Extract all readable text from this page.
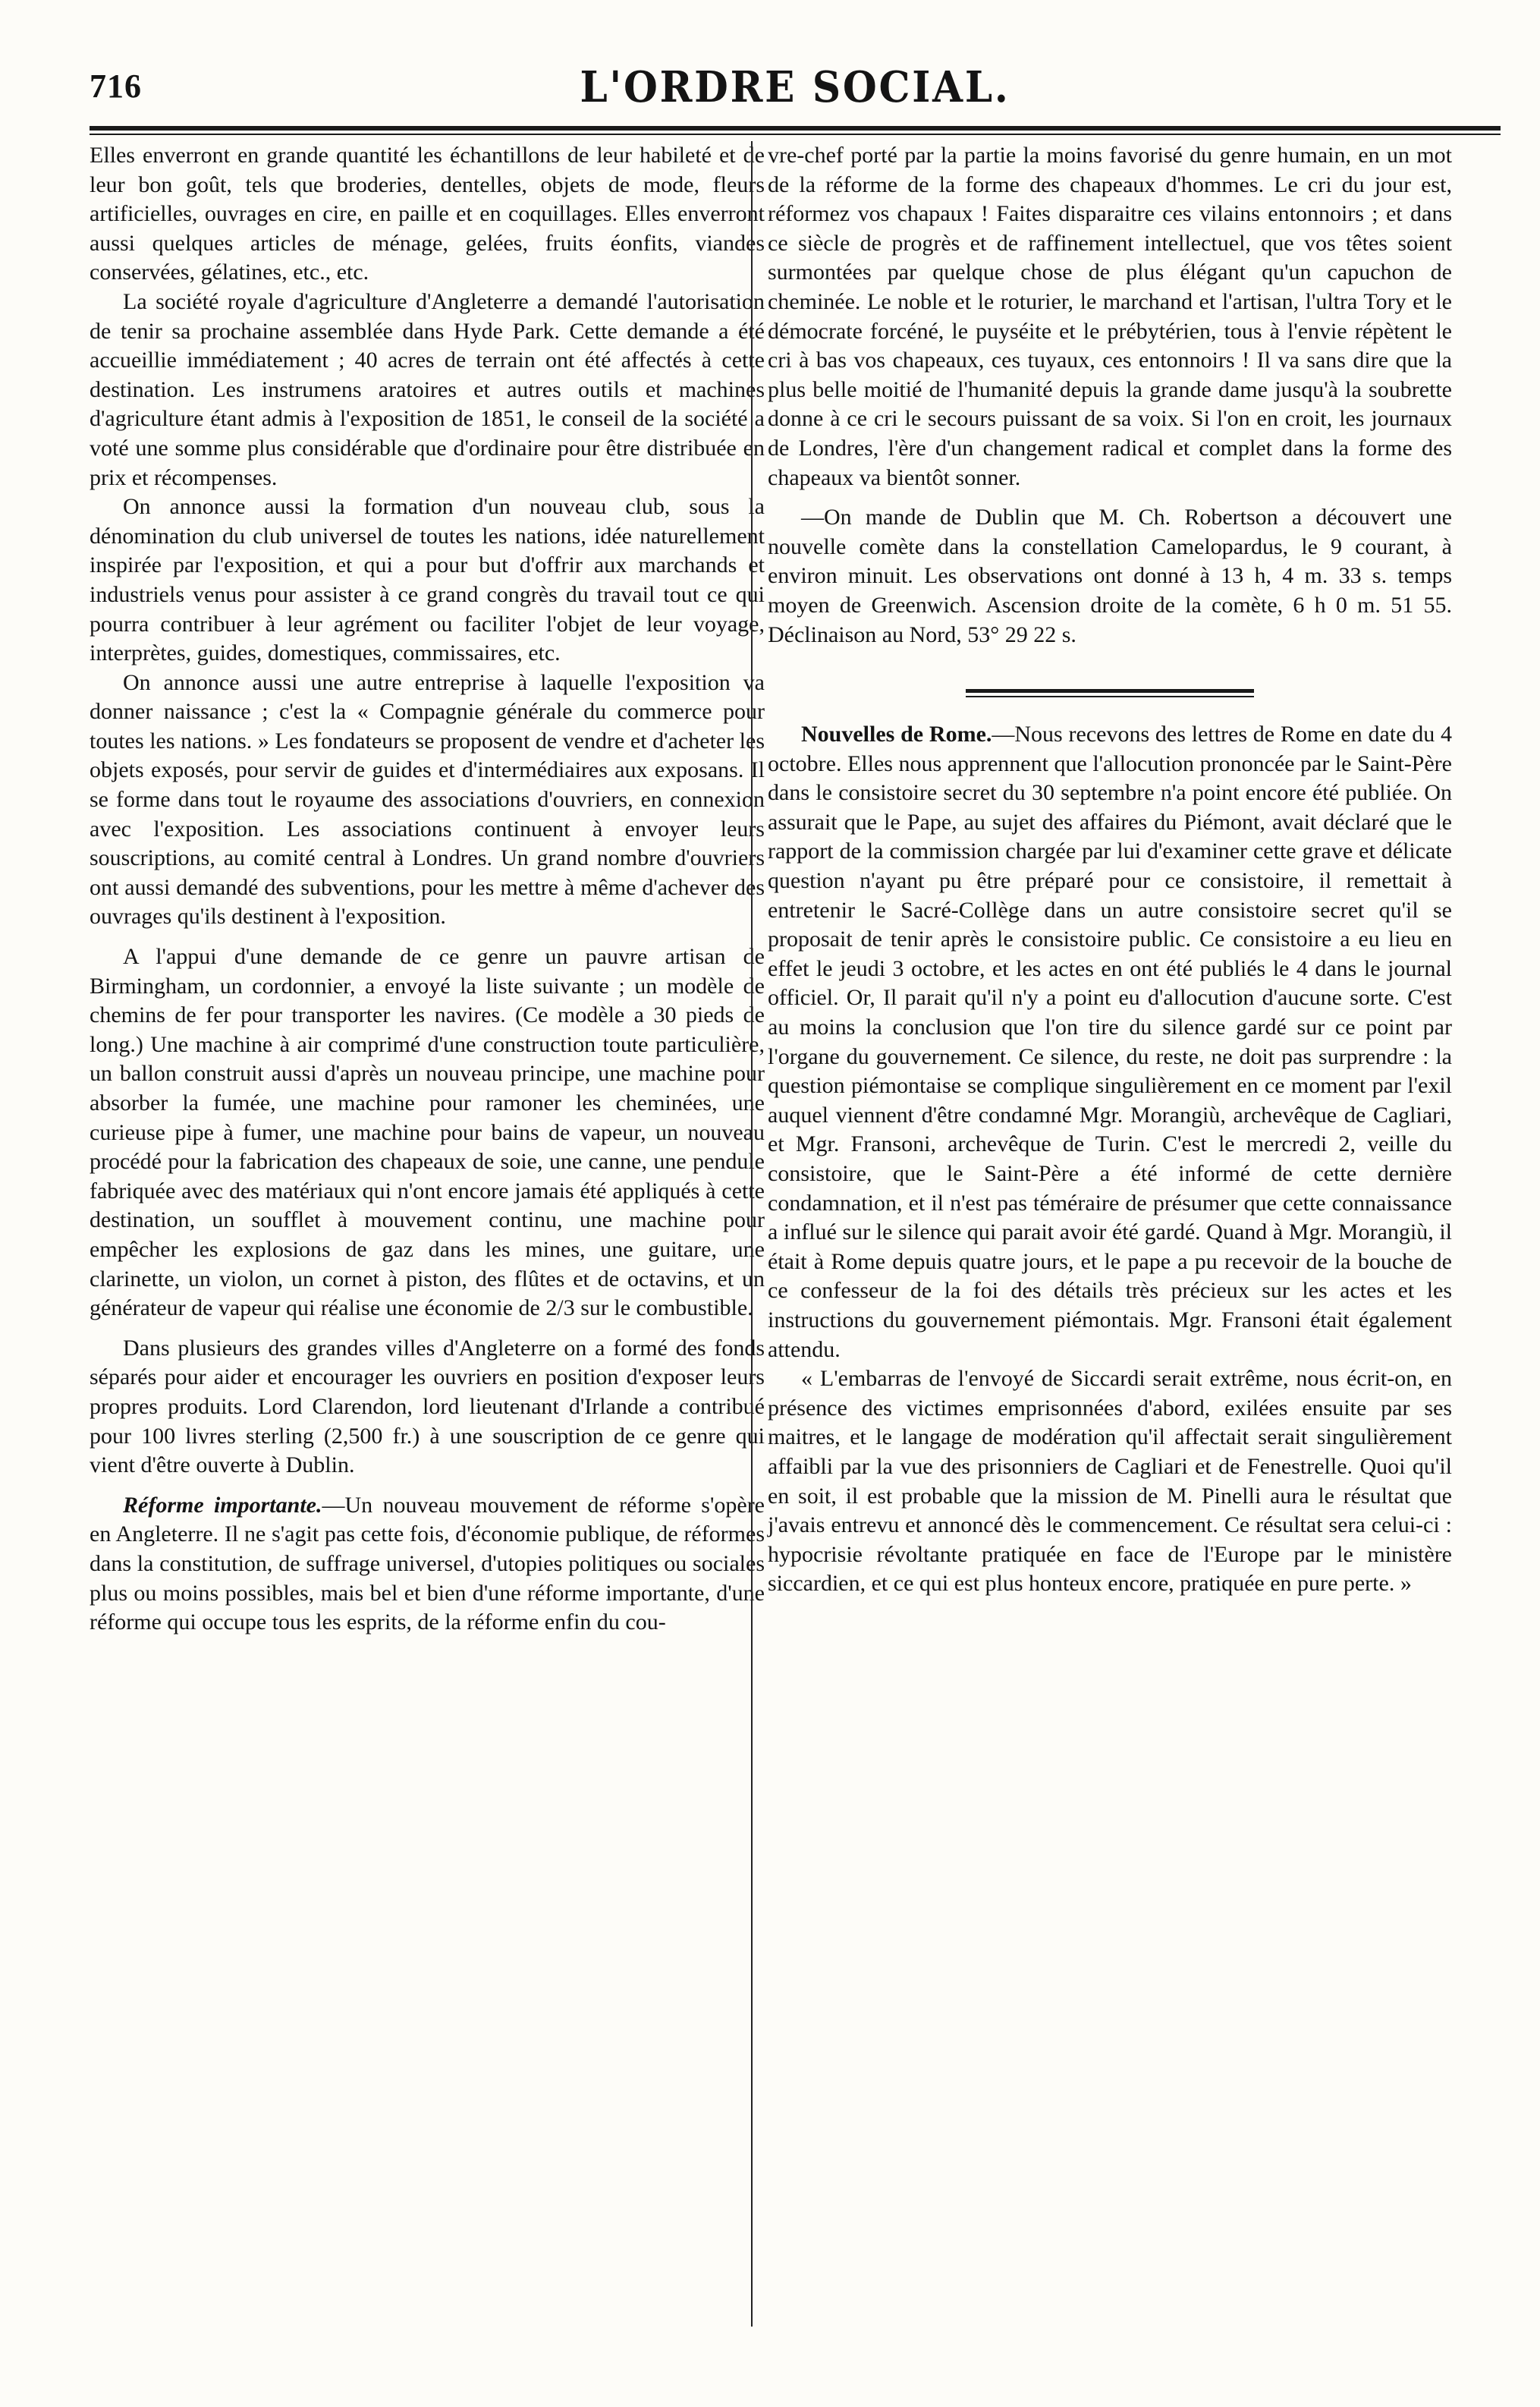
716	L'ORDRE SOCIAL.

Elles enverront en grande quantité les échantillons de leur habileté et de leur bon goût, tels que broderies, dentelles, objets de mode, fleurs artificielles, ouvrages en cire, en paille et en coquillages. Elles enverront aussi quelques articles de ménage, gelées, fruits éonfits, viandes conservées, gélatines, etc., etc.

La société royale d'agriculture d'Angleterre a demandé l'autorisation de tenir sa prochaine assemblée dans Hyde Park. Cette demande a été accueillie immédiatement ; 40 acres de terrain ont été affectés à cette destination. Les instrumens aratoires et autres outils et machines d'agriculture étant admis à l'exposition de 1851, le conseil de la société a voté une somme plus considérable que d'ordinaire pour être distribuée en prix et récompenses.

On annonce aussi la formation d'un nouveau club, sous la dénomination du club universel de toutes les nations, idée naturellement inspirée par l'exposition, et qui a pour but d'offrir aux marchands et industriels venus pour assister à ce grand congrès du travail tout ce qui pourra contribuer à leur agrément ou faciliter l'objet de leur voyage, interprètes, guides, domestiques, commissaires, etc.

On annonce aussi une autre entreprise à laquelle l'exposition va donner naissance ; c'est la « Compagnie générale du commerce pour toutes les nations. » Les fondateurs se proposent de vendre et d'acheter les objets exposés, pour servir de guides et d'intermédiaires aux exposans. Il se forme dans tout le royaume des associations d'ouvriers, en connexion avec l'exposition. Les associations continuent à envoyer leurs souscriptions, au comité central à Londres. Un grand nombre d'ouvriers ont aussi demandé des subventions, pour les mettre à même d'achever des ouvrages qu'ils destinent à l'exposition.

A l'appui d'une demande de ce genre un pauvre artisan de Birmingham, un cordonnier, a envoyé la liste suivante ; un modèle de chemins de fer pour transporter les navires. (Ce modèle a 30 pieds de long.) Une machine à air comprimé d'une construction toute particulière, un ballon construit aussi d'après un nouveau principe, une machine pour absorber la fumée, une machine pour ramoner les cheminées, une curieuse pipe à fumer, une machine pour bains de vapeur, un nouveau procédé pour la fabrication des chapeaux de soie, une canne, une pendule fabriquée avec des matériaux qui n'ont encore jamais été appliqués à cette destination, un soufflet à mouvement continu, une machine pour empêcher les explosions de gaz dans les mines, une guitare, une clarinette, un violon, un cornet à piston, des flûtes et de octavins, et un générateur de vapeur qui réalise une économie de 2/3 sur le combustible.

Dans plusieurs des grandes villes d'Angleterre on a formé des fonds séparés pour aider et encourager les ouvriers en position d'exposer leurs propres produits. Lord Clarendon, lord lieutenant d'Irlande a contribué pour 100 livres sterling (2,500 fr.) à une souscription de ce genre qui vient d'être ouverte à Dublin.

Réforme importante.—Un nouveau mouvement de réforme s'opère en Angleterre. Il ne s'agit pas cette fois, d'économie publique, de réformes dans la constitution, de suffrage universel, d'utopies politiques ou sociales plus ou moins possibles, mais bel et bien d'une réforme importante, d'une réforme qui occupe tous les esprits, de la réforme enfin du cou-

vre-chef porté par la partie la moins favorisé du genre humain, en un mot de la réforme de la forme des chapeaux d'hommes. Le cri du jour est, réformez vos chapaux ! Faites disparaitre ces vilains entonnoirs ; et dans ce siècle de progrès et de raffinement intellectuel, que vos têtes soient surmontées par quelque chose de plus élégant qu'un capuchon de cheminée. Le noble et le roturier, le marchand et l'artisan, l'ultra Tory et le démocrate forcéné, le puyséite et le prébytérien, tous à l'envie répètent le cri à bas vos chapeaux, ces tuyaux, ces entonnoirs ! Il va sans dire que la plus belle moitié de l'humanité depuis la grande dame jusqu'à la soubrette donne à ce cri le secours puissant de sa voix. Si l'on en croit, les journaux de Londres, l'ère d'un changement radical et complet dans la forme des chapeaux va bientôt sonner.

—On mande de Dublin que M. Ch. Robertson a découvert une nouvelle comète dans la constellation Camelopardus, le 9 courant, à environ minuit. Les observations ont donné à 13 h, 4 m. 33 s. temps moyen de Greenwich. Ascension droite de la comète, 6 h 0 m. 51 55. Déclinaison au Nord, 53° 29 22 s.

Nouvelles de Rome.—Nous recevons des lettres de Rome en date du 4 octobre. Elles nous apprennent que l'allocution prononcée par le Saint-Père dans le consistoire secret du 30 septembre n'a point encore été publiée. On assurait que le Pape, au sujet des affaires du Piémont, avait déclaré que le rapport de la commission chargée par lui d'examiner cette grave et délicate question n'ayant pu être préparé pour ce consistoire, il remettait à entretenir le Sacré-Collège dans un autre consistoire secret qu'il se proposait de tenir après le consistoire public. Ce consistoire a eu lieu en effet le jeudi 3 octobre, et les actes en ont été publiés le 4 dans le journal officiel. Or, Il parait qu'il n'y a point eu d'allocution d'aucune sorte. C'est au moins la conclusion que l'on tire du silence gardé sur ce point par l'organe du gouvernement. Ce silence, du reste, ne doit pas surprendre : la question piémontaise se complique singulièrement en ce moment par l'exil auquel viennent d'être condamné Mgr. Morangiù, archevêque de Cagliari, et Mgr. Fransoni, archevêque de Turin. C'est le mercredi 2, veille du consistoire, que le Saint-Père a été informé de cette dernière condamnation, et il n'est pas téméraire de présumer que cette connaissance a influé sur le silence qui parait avoir été gardé. Quand à Mgr. Morangiù, il était à Rome depuis quatre jours, et le pape a pu recevoir de la bouche de ce confesseur de la foi des détails très précieux sur les actes et les instructions du gouvernement piémontais. Mgr. Fransoni était également attendu.

« L'embarras de l'envoyé de Siccardi serait extrême, nous écrit-on, en présence des victimes emprisonnées d'abord, exilées ensuite par ses maitres, et le langage de modération qu'il affectait serait singulièrement affaibli par la vue des prisonniers de Cagliari et de Fenestrelle. Quoi qu'il en soit, il est probable que la mission de M. Pinelli aura le résultat que j'avais entrevu et annoncé dès le commencement. Ce résultat sera celui-ci : hypocrisie révoltante pratiquée en face de l'Europe par le ministère siccardien, et ce qui est plus honteux encore, pratiquée en pure perte. »
